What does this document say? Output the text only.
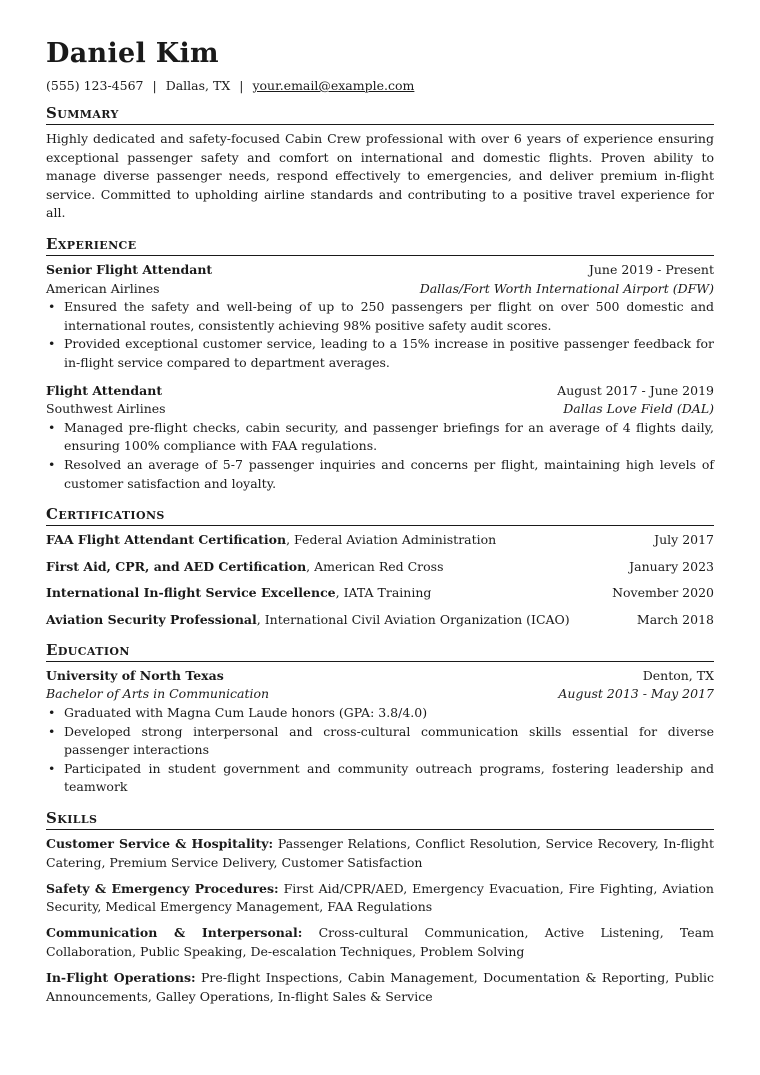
Daniel Kim
(555) 123-4567 | Dallas, TX | your.email@example.com
Summary
Highly dedicated and safety-focused Cabin Crew professional with over 6 years of experience ensuring exceptional passenger safety and comfort on international and domestic flights. Proven ability to manage diverse passenger needs, respond effectively to emergencies, and deliver premium in-flight service. Committed to upholding airline standards and contributing to a positive travel experience for all.
Experience
Senior Flight Attendant	June 2019 - Present
American Airlines	Dallas/Fort Worth International Airport (DFW)
• Ensured the safety and well-being of up to 250 passengers per flight on over 500 domestic and international routes, consistently achieving 98% positive safety audit scores.
• Provided exceptional customer service, leading to a 15% increase in positive passenger feedback for in-flight service compared to department averages.
Flight Attendant	August 2017 - June 2019
Southwest Airlines	Dallas Love Field (DAL)
• Managed pre-flight checks, cabin security, and passenger briefings for an average of 4 flights daily, ensuring 100% compliance with FAA regulations.
• Resolved an average of 5-7 passenger inquiries and concerns per flight, maintaining high levels of customer satisfaction and loyalty.
Certifications
FAA Flight Attendant Certification, Federal Aviation Administration	July 2017
First Aid, CPR, and AED Certification, American Red Cross	January 2023
International In-flight Service Excellence, IATA Training	November 2020
Aviation Security Professional, International Civil Aviation Organization (ICAO)	March 2018
Education
University of North Texas	Denton, TX
Bachelor of Arts in Communication	August 2013 - May 2017
• Graduated with Magna Cum Laude honors (GPA: 3.8/4.0)
• Developed strong interpersonal and cross-cultural communication skills essential for diverse passenger interactions
• Participated in student government and community outreach programs, fostering leadership and teamwork
Skills
Customer Service & Hospitality: Passenger Relations, Conflict Resolution, Service Recovery, In-flight Catering, Premium Service Delivery, Customer Satisfaction
Safety & Emergency Procedures: First Aid/CPR/AED, Emergency Evacuation, Fire Fighting, Aviation Security, Medical Emergency Management, FAA Regulations
Communication & Interpersonal: Cross-cultural Communication, Active Listening, Team Collaboration, Public Speaking, De-escalation Techniques, Problem Solving
In-Flight Operations: Pre-flight Inspections, Cabin Management, Documentation & Reporting, Public Announcements, Galley Operations, In-flight Sales & Service
